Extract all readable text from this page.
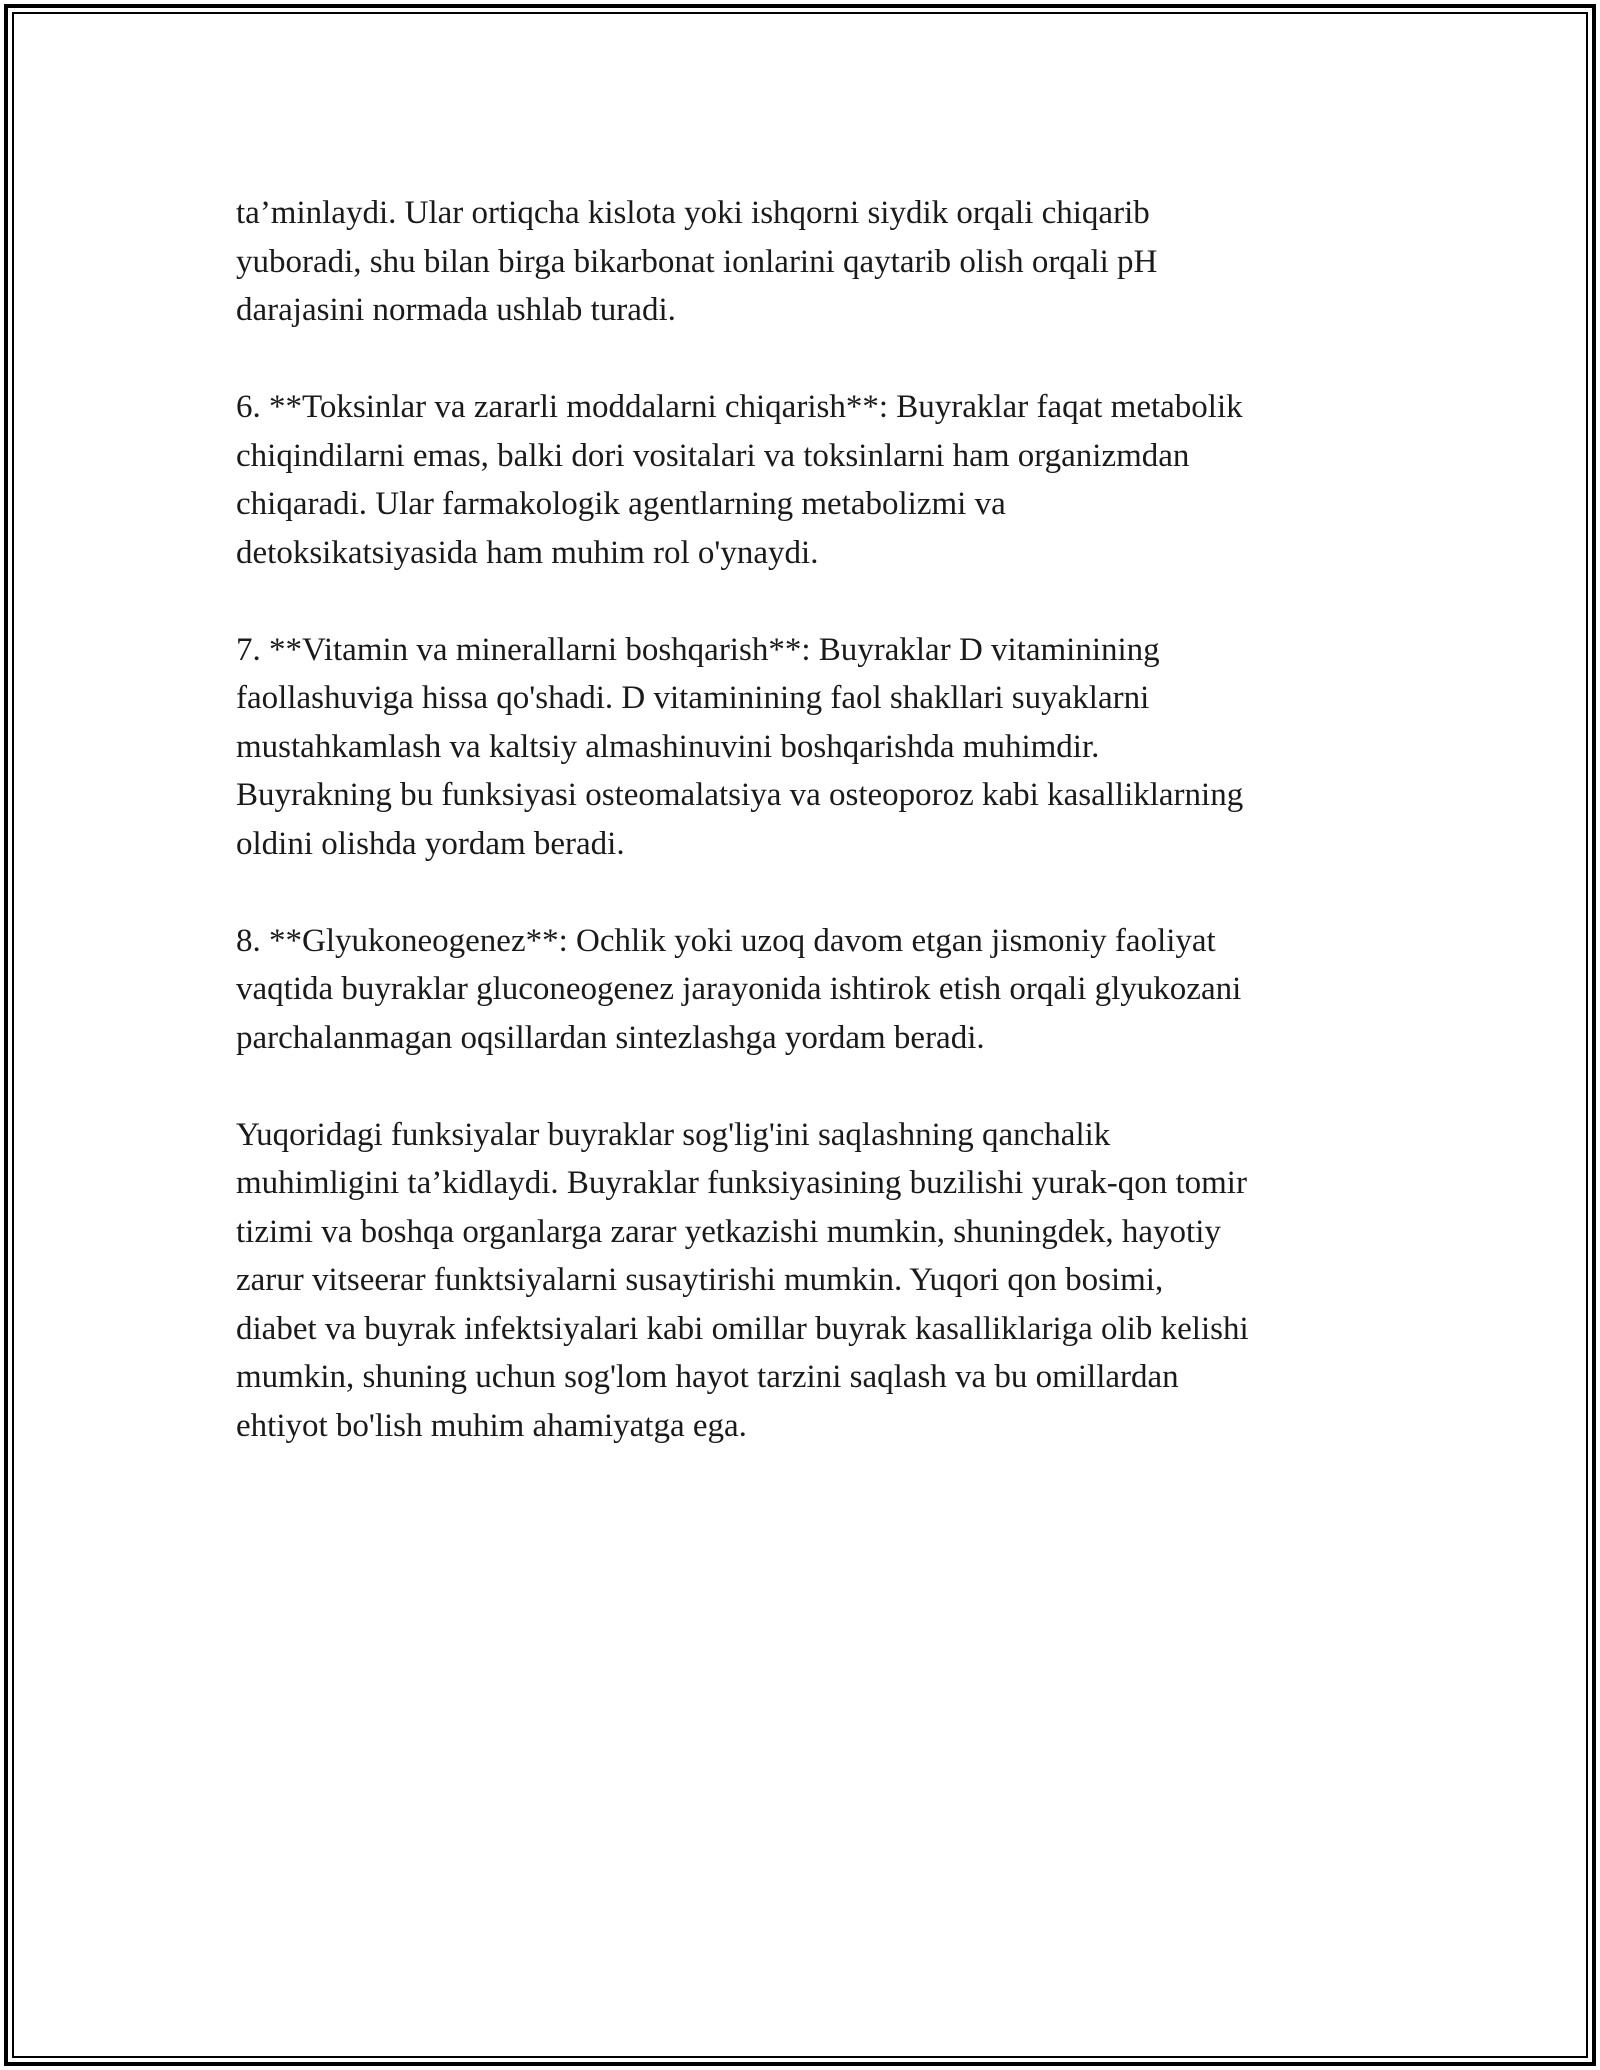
ta’minlaydi. Ular ortiqcha kislota yoki ishqorni siydik orqali chiqarib
yuboradi, shu bilan birga bikarbonat ionlarini qaytarib olish orqali pH
darajasini normada ushlab turadi.

6. **Toksinlar va zararli moddalarni chiqarish**: Buyraklar faqat metabolik
chiqindilarni emas, balki dori vositalari va toksinlarni ham organizmdan
chiqaradi. Ular farmakologik agentlarning metabolizmi va
detoksikatsiyasida ham muhim rol o'ynaydi.

7. **Vitamin va minerallarni boshqarish**: Buyraklar D vitaminining
faollashuviga hissa qo'shadi. D vitaminining faol shakllari suyaklarni
mustahkamlash va kaltsiy almashinuvini boshqarishda muhimdir.
Buyrakning bu funksiyasi osteomalatsiya va osteoporoz kabi kasalliklarning
oldini olishda yordam beradi.

8. **Glyukoneogenez**: Ochlik yoki uzoq davom etgan jismoniy faoliyat
vaqtida buyraklar gluconeogenez jarayonida ishtirok etish orqali glyukozani
parchalanmagan oqsillardan sintezlashga yordam beradi.

Yuqoridagi funksiyalar buyraklar sog'lig'ini saqlashning qanchalik
muhimligini ta’kidlaydi. Buyraklar funksiyasining buzilishi yurak-qon tomir
tizimi va boshqa organlarga zarar yetkazishi mumkin, shuningdek, hayotiy
zarur vitseerar funktsiyalarni susaytirishi mumkin. Yuqori qon bosimi,
diabet va buyrak infektsiyalari kabi omillar buyrak kasalliklariga olib kelishi
mumkin, shuning uchun sog'lom hayot tarzini saqlash va bu omillardan
ehtiyot bo'lish muhim ahamiyatga ega.
